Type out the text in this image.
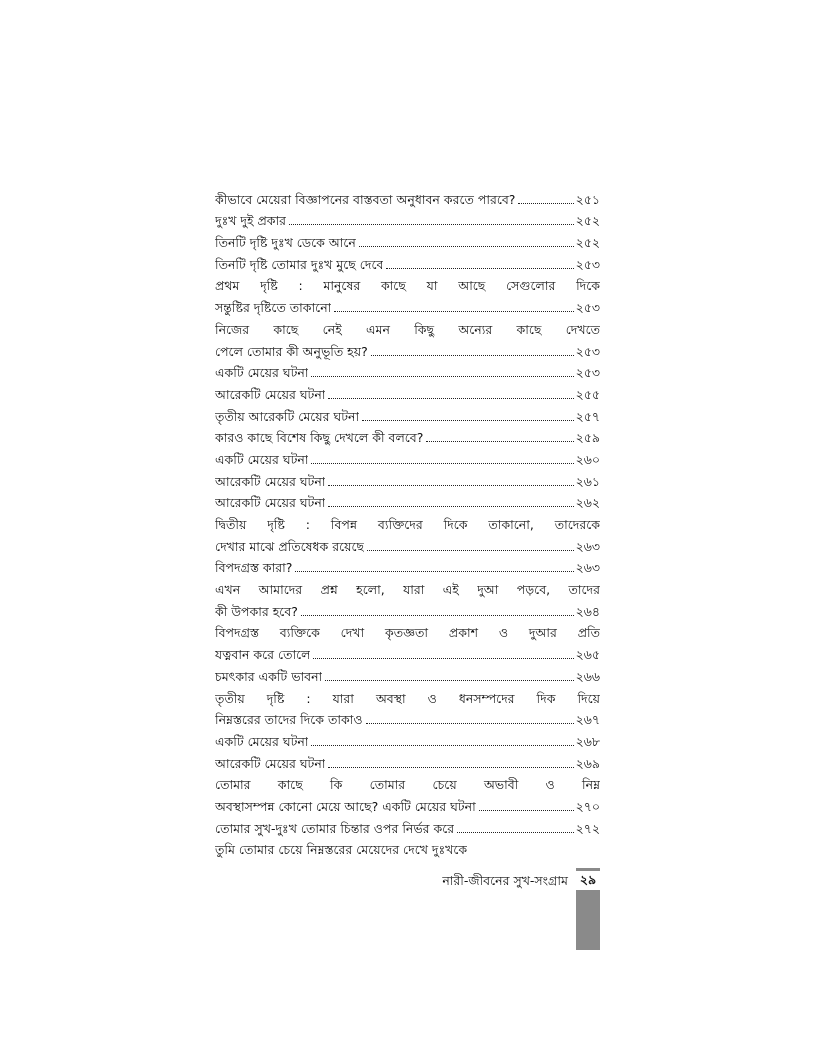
কীভাবে মেয়েরা বিজ্ঞাপনের বাস্তবতা অনুধাবন করতে পারবে?	২৫১
দুঃখ দুই প্রকার	২৫২
তিনটি দৃষ্টি দুঃখ ডেকে আনে	২৫২
তিনটি দৃষ্টি তোমার দুঃখ মুছে দেবে	২৫৩
প্রথম দৃষ্টি : মানুষের কাছে যা আছে সেগুলোর দিকে
সন্তুষ্টির দৃষ্টিতে তাকানো	২৫৩
নিজের কাছে নেই এমন কিছু অন্যের কাছে দেখতে
পেলে তোমার কী অনুভূতি হয়?	২৫৩
একটি মেয়ের ঘটনা	২৫৩
আরেকটি মেয়ের ঘটনা	২৫৫
তৃতীয় আরেকটি মেয়ের ঘটনা	২৫৭
কারও কাছে বিশেষ কিছু দেখলে কী বলবে?	২৫৯
একটি মেয়ের ঘটনা	২৬০
আরেকটি মেয়ের ঘটনা	২৬১
আরেকটি মেয়ের ঘটনা	২৬২
দ্বিতীয় দৃষ্টি : বিপন্ন ব্যক্তিদের দিকে তাকানো, তাদেরকে
দেখার মাঝে প্রতিষেধক রয়েছে	২৬৩
বিপদগ্রস্ত কারা?	২৬৩
এখন আমাদের প্রশ্ন হলো, যারা এই দুআ পড়বে, তাদের
কী উপকার হবে?	২৬৪
বিপদগ্রস্ত ব্যক্তিকে দেখা কৃতজ্ঞতা প্রকাশ ও দুআর প্রতি
যত্নবান করে তোলে	২৬৫
চমৎকার একটি ভাবনা	২৬৬
তৃতীয় দৃষ্টি : যারা অবস্থা ও ধনসম্পদের দিক দিয়ে
নিম্নস্তরের তাদের দিকে তাকাও	২৬৭
একটি মেয়ের ঘটনা	২৬৮
আরেকটি মেয়ের ঘটনা	২৬৯
তোমার কাছে কি তোমার চেয়ে অভাবী ও নিম্ন
অবস্থাসম্পন্ন কোনো মেয়ে আছে? একটি মেয়ের ঘটনা	২৭০
তোমার সুখ-দুঃখ তোমার চিন্তার ওপর নির্ভর করে	২৭২
তুমি তোমার চেয়ে নিম্নস্তরের মেয়েদের দেখে দুঃখকে
নারী-জীবনের সুখ-সংগ্রাম ২৯
